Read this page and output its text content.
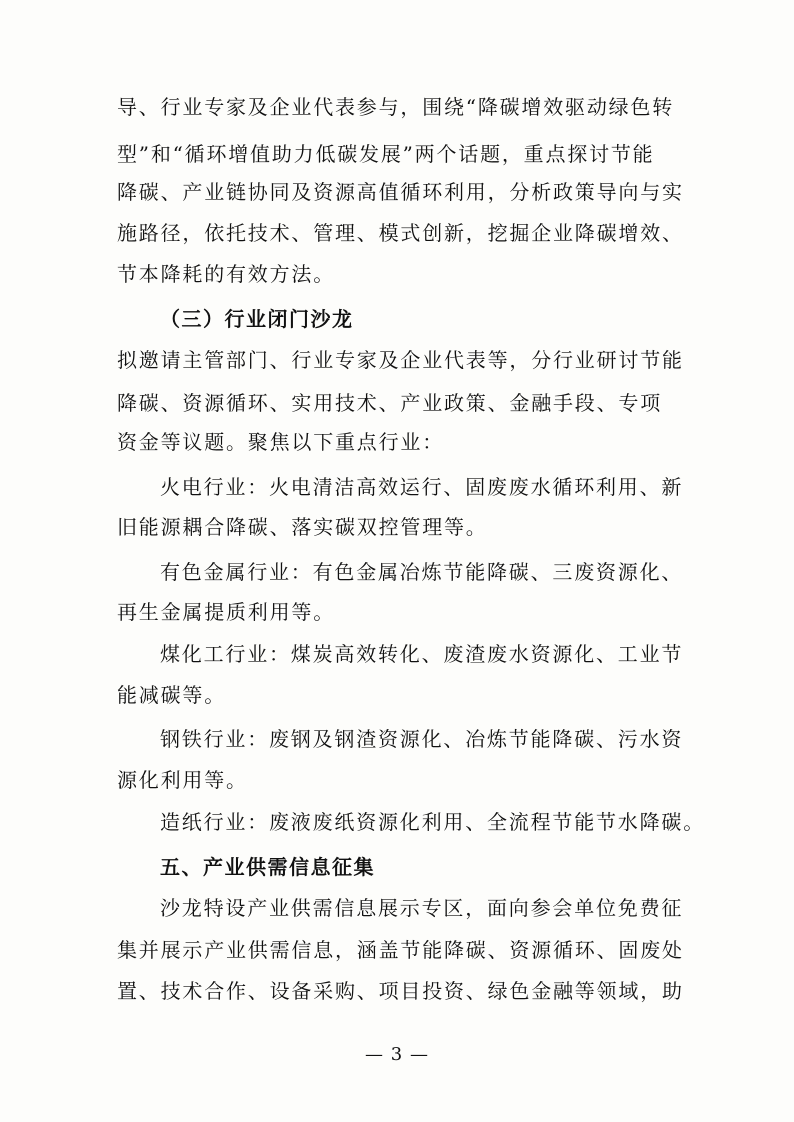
导、行业专家及企业代表参与，围绕“降碳增效驱动绿色转
型”和“循环增值助力低碳发展”两个话题，重点探讨节能
降碳、产业链协同及资源高值循环利用，分析政策导向与实
施路径，依托技术、管理、模式创新，挖掘企业降碳增效、
节本降耗的有效方法。
（三）行业闭门沙龙
拟邀请主管部门、行业专家及企业代表等，分行业研讨节能
降碳、资源循环、实用技术、产业政策、金融手段、专项
资金等议题。聚焦以下重点行业：
火电行业：火电清洁高效运行、固废废水循环利用、新
旧能源耦合降碳、落实碳双控管理等。
有色金属行业：有色金属冶炼节能降碳、三废资源化、
再生金属提质利用等。
煤化工行业：煤炭高效转化、废渣废水资源化、工业节
能减碳等。
钢铁行业：废钢及钢渣资源化、冶炼节能降碳、污水资
源化利用等。
造纸行业：废液废纸资源化利用、全流程节能节水降碳。
五、产业供需信息征集
沙龙特设产业供需信息展示专区，面向参会单位免费征
集并展示产业供需信息，涵盖节能降碳、资源循环、固废处
置、技术合作、设备采购、项目投资、绿色金融等领域，助
— 3 —
